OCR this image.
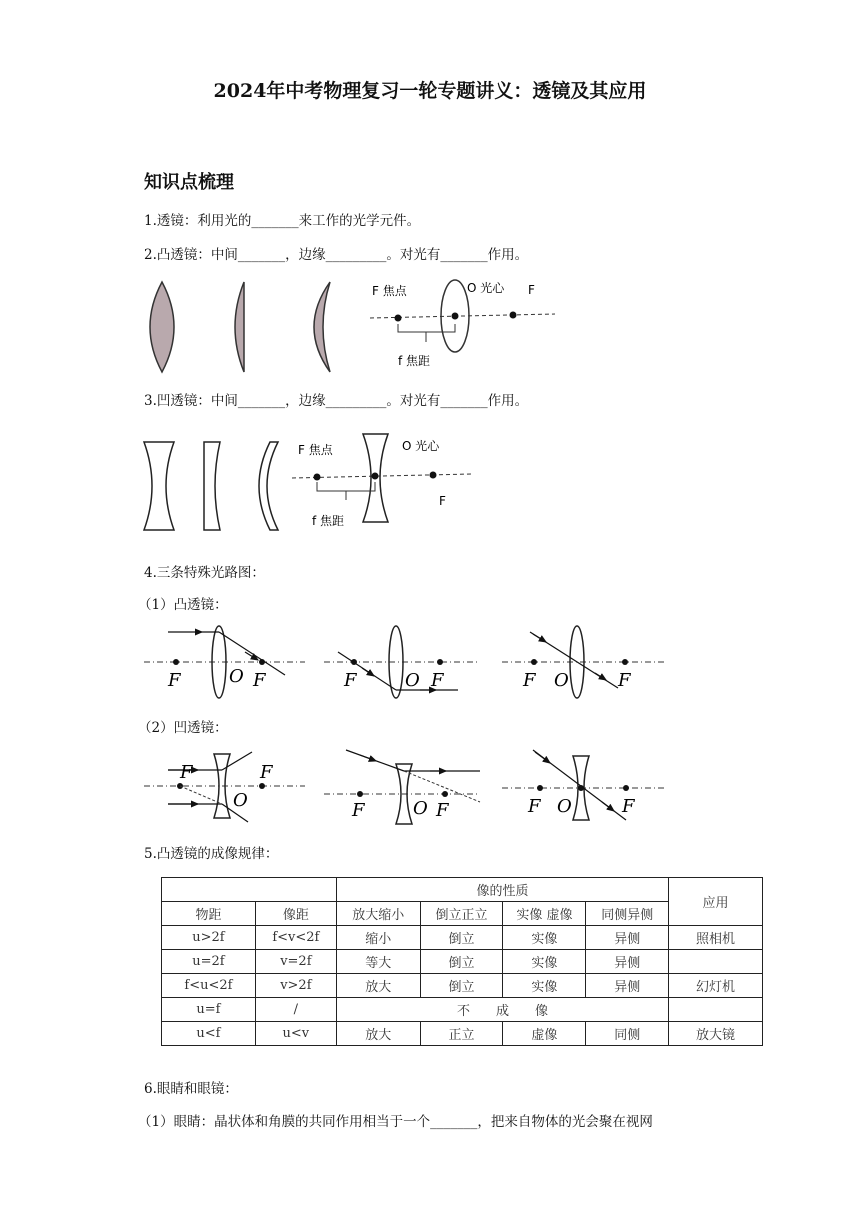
2024年中考物理复习一轮专题讲义：透镜及其应用
知识点梳理
1.透镜：利用光的_______来工作的光学元件。
2.凸透镜：中间_______，边缘_________。对光有_______作用。
F 焦点	O 光心 F
f 焦距
3.凹透镜：中间_______，边缘_________。对光有_______作用。
F 焦点	O 光心
F
f 焦距
4.三条特殊光路图：
（1）凸透镜：
F	O F	F	O F	F O	F
（2）凹透镜：
F
O
F
F	O F	F O	F
5.凸透镜的成像规律：
		像的性质				应用
物距	像距	放大缩小	倒立正立	实像 虚像	同侧异侧	
u>2f	f<v<2f	缩小	倒立	实像	异侧	照相机
u=2f	v=2f	等大	倒立	实像	异侧	
f<u<2f	v>2f	放大	倒立	实像	异侧	幻灯机
u=f	/	不　　成　　像				
u<f	u<v	放大	正立	虚像	同侧	放大镜
6.眼睛和眼镜：
（1）眼睛：晶状体和角膜的共同作用相当于一个_______，把来自物体的光会聚在视网
